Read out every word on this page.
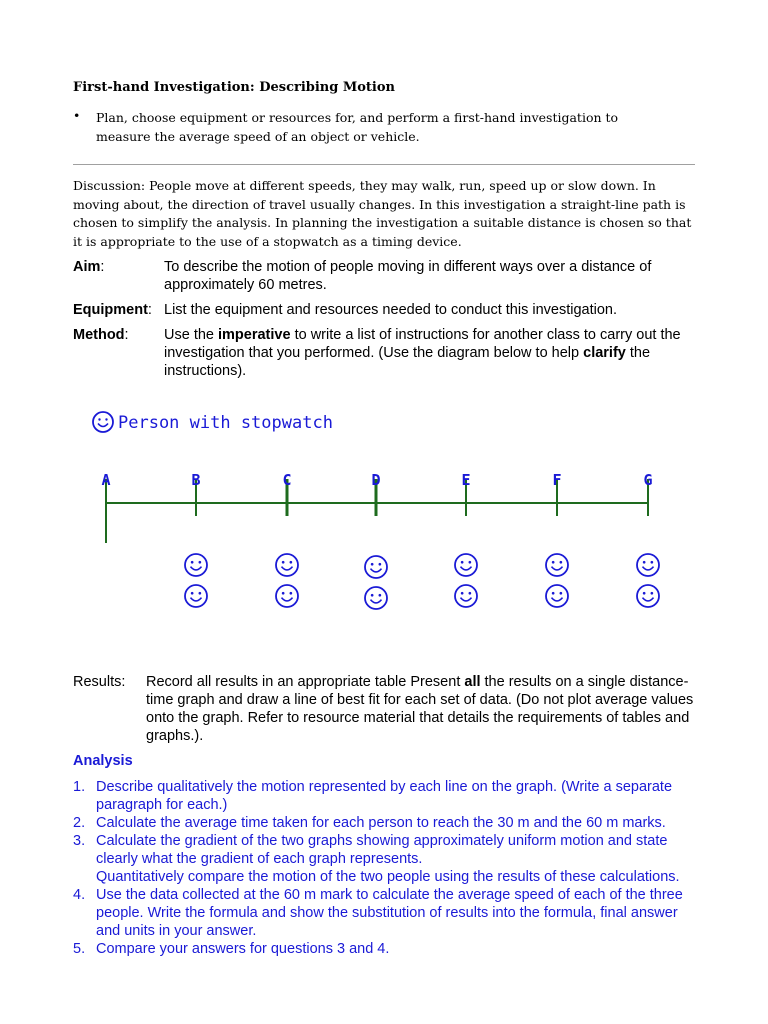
First-hand Investigation: Describing Motion
• Plan, choose equipment or resources for, and perform a first-hand investigation to measure the average speed of an object or vehicle.
Discussion: People move at different speeds, they may walk, run, speed up or slow down. In moving about, the direction of travel usually changes. In this investigation a straight-line path is chosen to simplify the analysis. In planning the investigation a suitable distance is chosen so that it is appropriate to the use of a stopwatch as a timing device.
Aim:	To describe the motion of people moving in different ways over a distance of approximately 60 metres.
Equipment: List the equipment and resources needed to conduct this investigation.
Method: Use the imperative to write a list of instructions for another class to carry out the investigation that you performed. (Use the diagram below to help clarify the instructions).
Person with stopwatch
A	B	C	D	E	F	G
Results: Record all results in an appropriate table Present all the results on a single distance-time graph and draw a line of best fit for each set of data. (Do not plot average values onto the graph. Refer to resource material that details the requirements of tables and graphs.).
Analysis
1. Describe qualitatively the motion represented by each line on the graph. (Write a separate paragraph for each.)
2. Calculate the average time taken for each person to reach the 30 m and the 60 m marks.
3. Calculate the gradient of the two graphs showing approximately uniform motion and state clearly what the gradient of each graph represents.
Quantitatively compare the motion of the two people using the results of these calculations.
4. Use the data collected at the 60 m mark to calculate the average speed of each of the three people. Write the formula and show the substitution of results into the formula, final answer and units in your answer.
5. Compare your answers for questions 3 and 4.
